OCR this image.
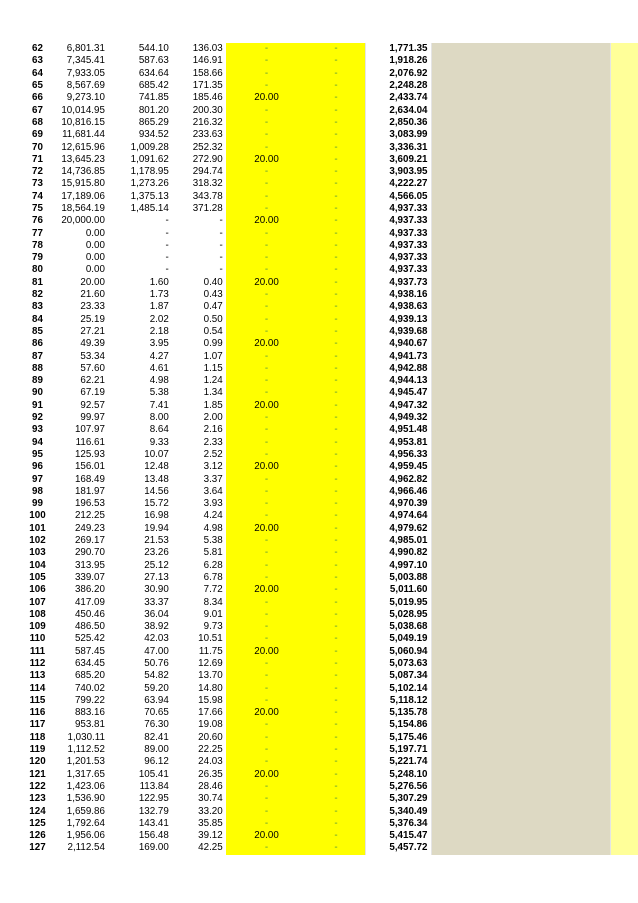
62	6,801.31	544.10	136.03	-	-	1,771.35		
63	7,345.41	587.63	146.91	-	-	1,918.26		
64	7,933.05	634.64	158.66	-	-	2,076.92		
65	8,567.69	685.42	171.35	-	-	2,248.28		
66	9,273.10	741.85	185.46	20.00	-	2,433.74		
67	10,014.95	801.20	200.30	-	-	2,634.04		
68	10,816.15	865.29	216.32	-	-	2,850.36		
69	11,681.44	934.52	233.63	-	-	3,083.99		
70	12,615.96	1,009.28	252.32	-	-	3,336.31		
71	13,645.23	1,091.62	272.90	20.00	-	3,609.21		
72	14,736.85	1,178.95	294.74	-	-	3,903.95		
73	15,915.80	1,273.26	318.32	-	-	4,222.27		
74	17,189.06	1,375.13	343.78	-	-	4,566.05		
75	18,564.19	1,485.14	371.28	-	-	4,937.33		
76	20,000.00	-	-	20.00	-	4,937.33		
77	0.00	-	-	-	-	4,937.33		
78	0.00	-	-	-	-	4,937.33		
79	0.00	-	-	-	-	4,937.33		
80	0.00	-	-	-	-	4,937.33		
81	20.00	1.60	0.40	20.00	-	4,937.73		
82	21.60	1.73	0.43	-	-	4,938.16		
83	23.33	1.87	0.47	-	-	4,938.63		
84	25.19	2.02	0.50	-	-	4,939.13		
85	27.21	2.18	0.54	-	-	4,939.68		
86	49.39	3.95	0.99	20.00	-	4,940.67		
87	53.34	4.27	1.07	-	-	4,941.73		
88	57.60	4.61	1.15	-	-	4,942.88		
89	62.21	4.98	1.24	-	-	4,944.13		
90	67.19	5.38	1.34	-	-	4,945.47		
91	92.57	7.41	1.85	20.00	-	4,947.32		
92	99.97	8.00	2.00	-	-	4,949.32		
93	107.97	8.64	2.16	-	-	4,951.48		
94	116.61	9.33	2.33	-	-	4,953.81		
95	125.93	10.07	2.52	-	-	4,956.33		
96	156.01	12.48	3.12	20.00	-	4,959.45		
97	168.49	13.48	3.37	-	-	4,962.82		
98	181.97	14.56	3.64	-	-	4,966.46		
99	196.53	15.72	3.93	-	-	4,970.39		
100	212.25	16.98	4.24	-	-	4,974.64		
101	249.23	19.94	4.98	20.00	-	4,979.62		
102	269.17	21.53	5.38	-	-	4,985.01		
103	290.70	23.26	5.81	-	-	4,990.82		
104	313.95	25.12	6.28	-	-	4,997.10		
105	339.07	27.13	6.78	-	-	5,003.88		
106	386.20	30.90	7.72	20.00	-	5,011.60		
107	417.09	33.37	8.34	-	-	5,019.95		
108	450.46	36.04	9.01	-	-	5,028.95		
109	486.50	38.92	9.73	-	-	5,038.68		
110	525.42	42.03	10.51	-	-	5,049.19		
111	587.45	47.00	11.75	20.00	-	5,060.94		
112	634.45	50.76	12.69	-	-	5,073.63		
113	685.20	54.82	13.70	-	-	5,087.34		
114	740.02	59.20	14.80	-	-	5,102.14		
115	799.22	63.94	15.98	-	-	5,118.12		
116	883.16	70.65	17.66	20.00	-	5,135.78		
117	953.81	76.30	19.08	-	-	5,154.86		
118	1,030.11	82.41	20.60	-	-	5,175.46		
119	1,112.52	89.00	22.25	-	-	5,197.71		
120	1,201.53	96.12	24.03	-	-	5,221.74		
121	1,317.65	105.41	26.35	20.00	-	5,248.10		
122	1,423.06	113.84	28.46	-	-	5,276.56		
123	1,536.90	122.95	30.74	-	-	5,307.29		
124	1,659.86	132.79	33.20	-	-	5,340.49		
125	1,792.64	143.41	35.85	-	-	5,376.34		
126	1,956.06	156.48	39.12	20.00	-	5,415.47		
127	2,112.54	169.00	42.25	-	-	5,457.72		
